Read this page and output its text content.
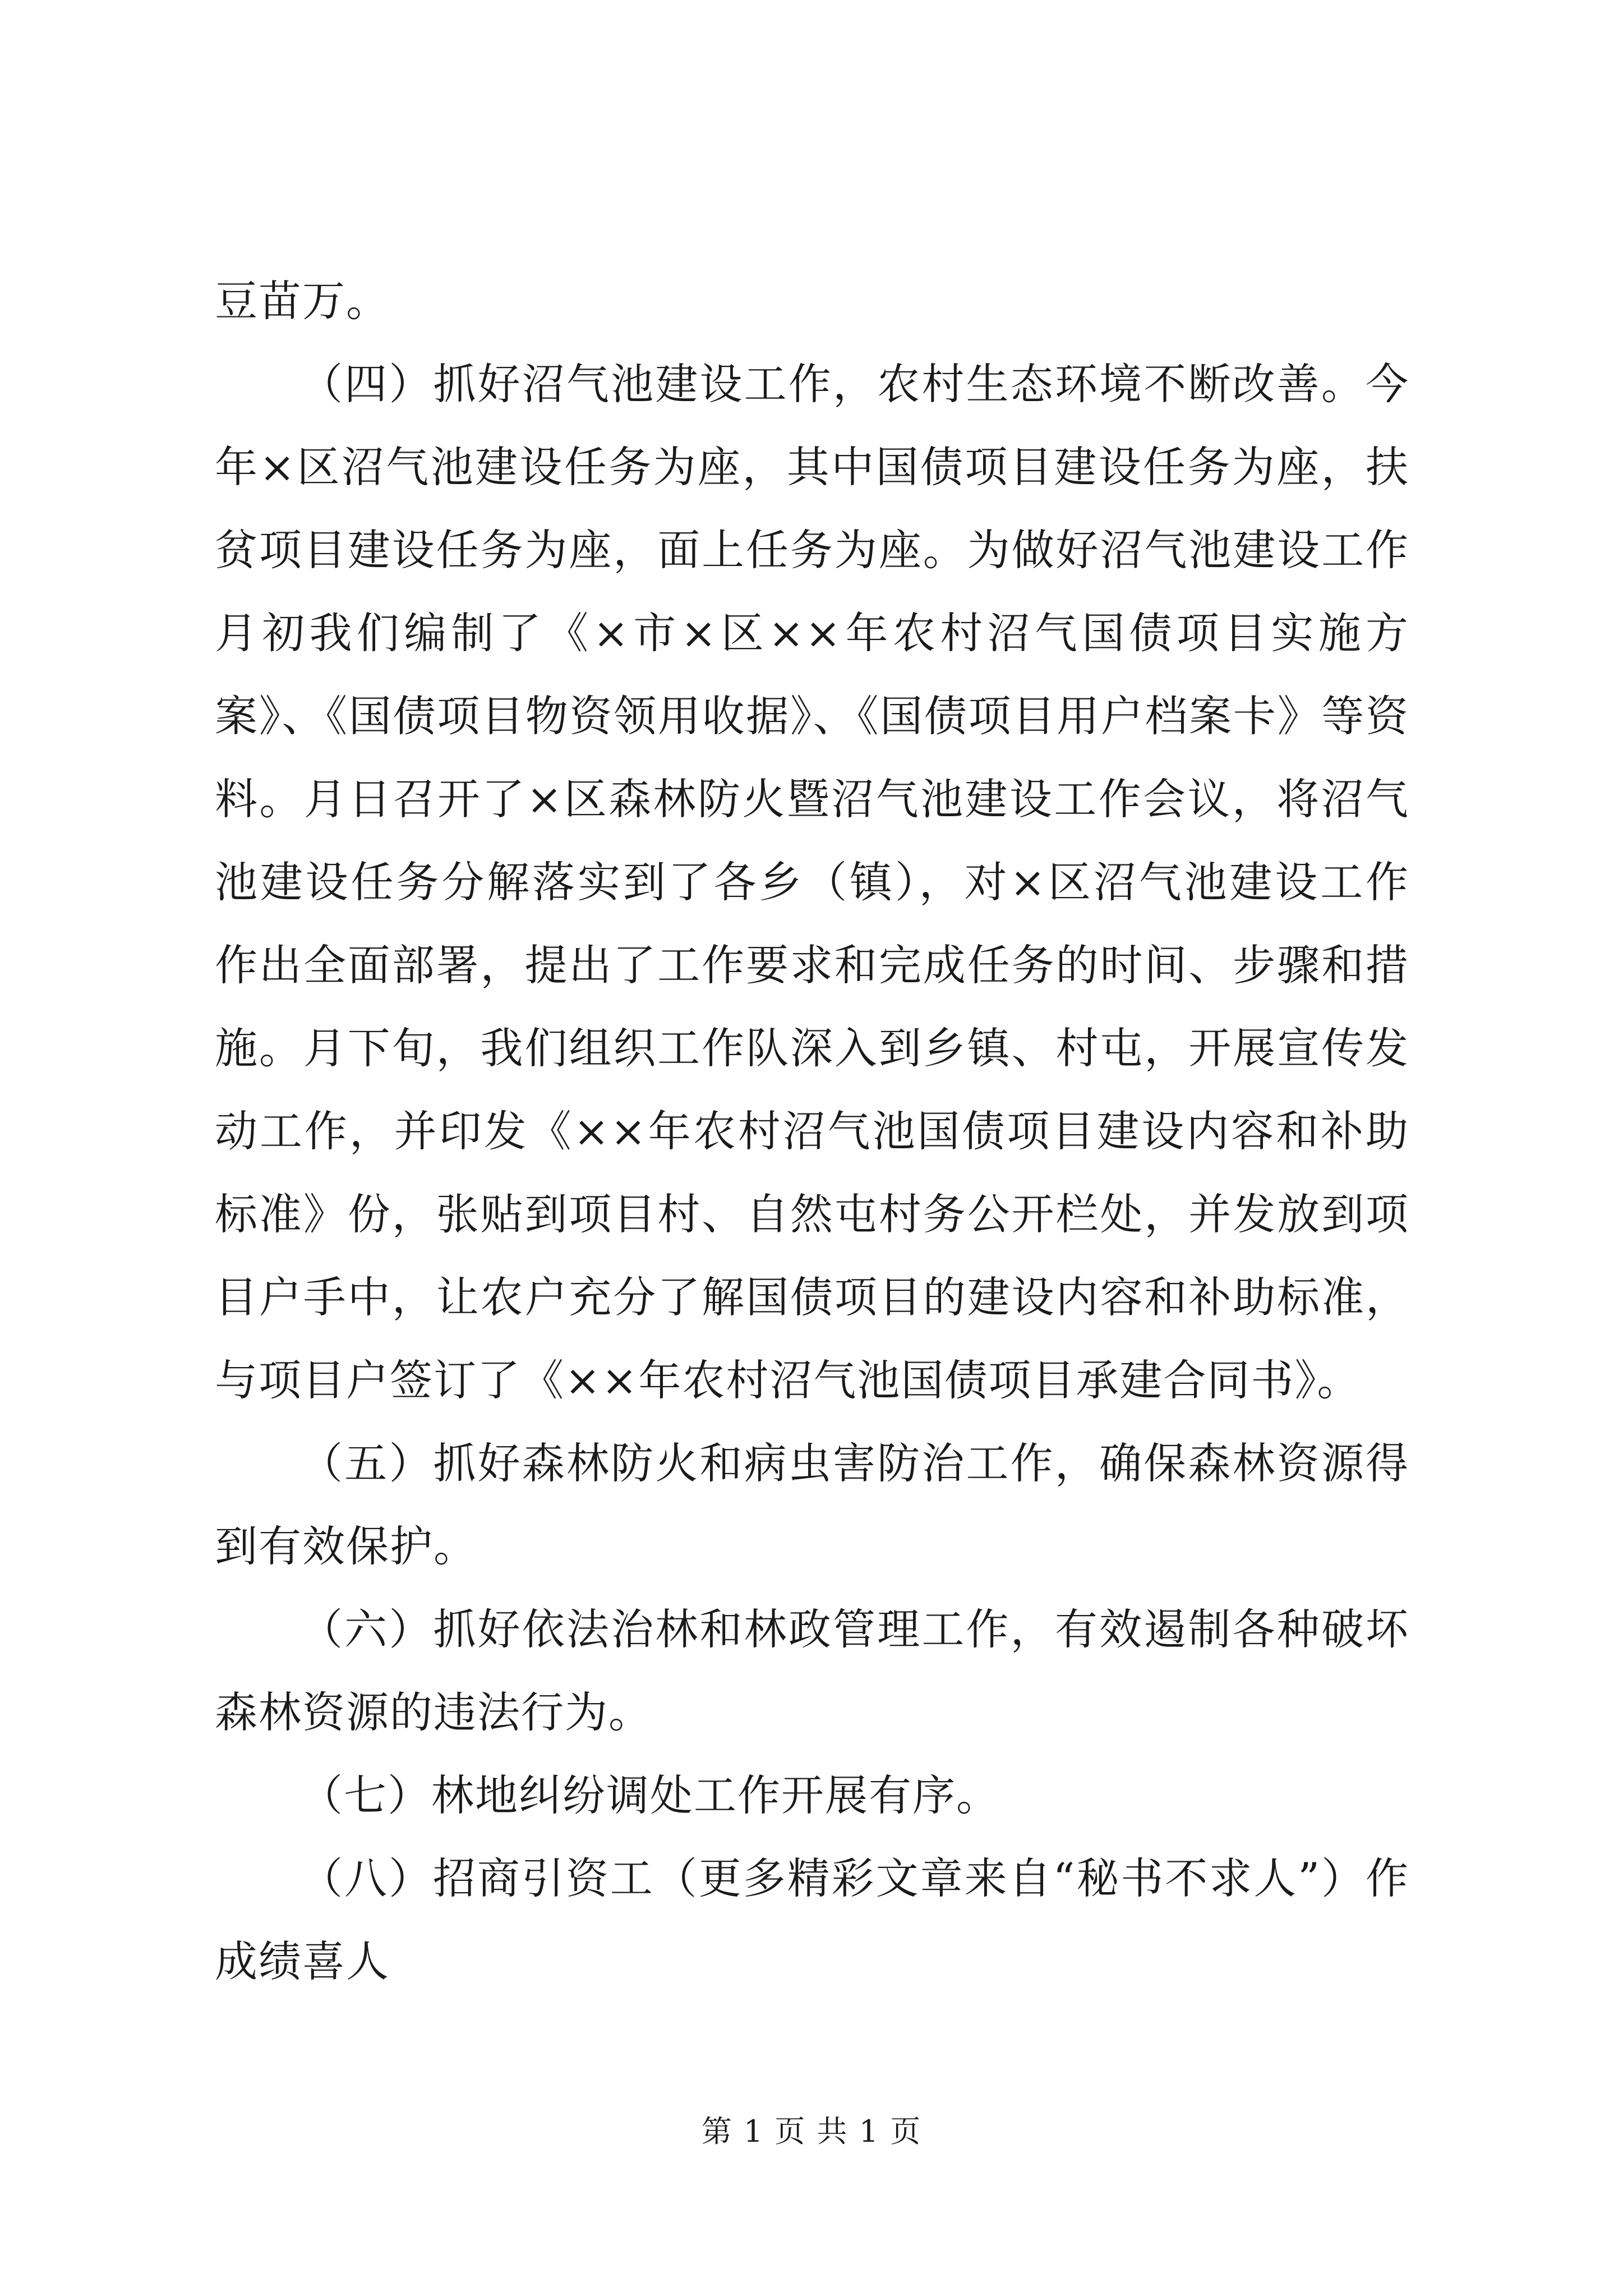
豆苗万。

（四）抓好沼气池建设工作，农村生态环境不断改善。今年×区沼气池建设任务为座，其中国债项目建设任务为座，扶贫项目建设任务为座，面上任务为座。为做好沼气池建设工作月初我们编制了《×市×区××年农村沼气国债项目实施方案》、《国债项目物资领用收据》、《国债项目用户档案卡》等资料。月日召开了×区森林防火暨沼气池建设工作会议，将沼气池建设任务分解落实到了各乡（镇），对×区沼气池建设工作作出全面部署，提出了工作要求和完成任务的时间、步骤和措施。月下旬，我们组织工作队深入到乡镇、村屯，开展宣传发动工作，并印发《××年农村沼气池国债项目建设内容和补助标准》份，张贴到项目村、自然屯村务公开栏处，并发放到项目户手中，让农户充分了解国债项目的建设内容和补助标准，与项目户签订了《××年农村沼气池国债项目承建合同书》。

（五）抓好森林防火和病虫害防治工作，确保森林资源得到有效保护。

（六）抓好依法治林和林政管理工作，有效遏制各种破坏森林资源的违法行为。

（七）林地纠纷调处工作开展有序。

（八）招商引资工（更多精彩文章来自“秘书不求人”）作成绩喜人

第 1 页 共 1 页
